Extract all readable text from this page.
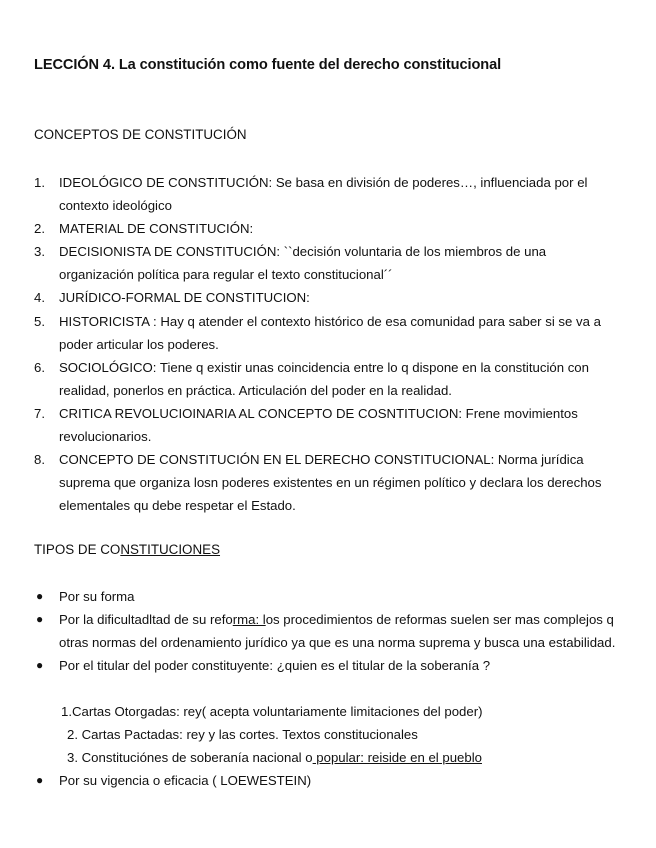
LECCIÓN 4. La constitución como fuente del derecho constitucional
CONCEPTOS DE CONSTITUCIÓN
1. IDEOLÓGICO DE CONSTITUCIÓN: Se basa en división de poderes…, influenciada por el contexto ideológico
2. MATERIAL DE CONSTITUCIÓN:
3. DECISIONISTA DE CONSTITUCIÓN: ``decisión voluntaria de los miembros de una organización política para regular el texto constitucional´´
4. JURÍDICO-FORMAL DE CONSTITUCION:
5. HISTORICISTA : Hay q atender el contexto histórico de esa comunidad para saber si se va a poder articular los poderes.
6. SOCIOLÓGICO: Tiene q existir unas coincidencia entre lo q dispone en la constitución con realidad, ponerlos en práctica. Articulación del poder en la realidad.
7. CRITICA REVOLUCIOINARIA AL CONCEPTO DE COSNTITUCION: Frene movimientos revolucionarios.
8. CONCEPTO DE CONSTITUCIÓN EN EL DERECHO CONSTITUCIONAL: Norma jurídica suprema que organiza losn poderes existentes en un régimen político y declara los derechos elementales qu debe respetar el Estado.
TIPOS DE CONSTITUCIONES
● Por su forma
● Por la dificultadltad de su reforma: los procedimientos de reformas suelen ser mas complejos q otras normas del ordenamiento jurídico ya que es una norma suprema y busca una estabilidad.
● Por el titular del poder constituyente: ¿quien es el titular de la soberanía ?
1.Cartas Otorgadas: rey( acepta voluntariamente limitaciones del poder)
2. Cartas Pactadas: rey y las cortes. Textos constitucionales
3. Constituciónes de soberanía nacional o popular: reiside en el pueblo
● Por su vigencia o eficacia ( LOEWESTEIN)
